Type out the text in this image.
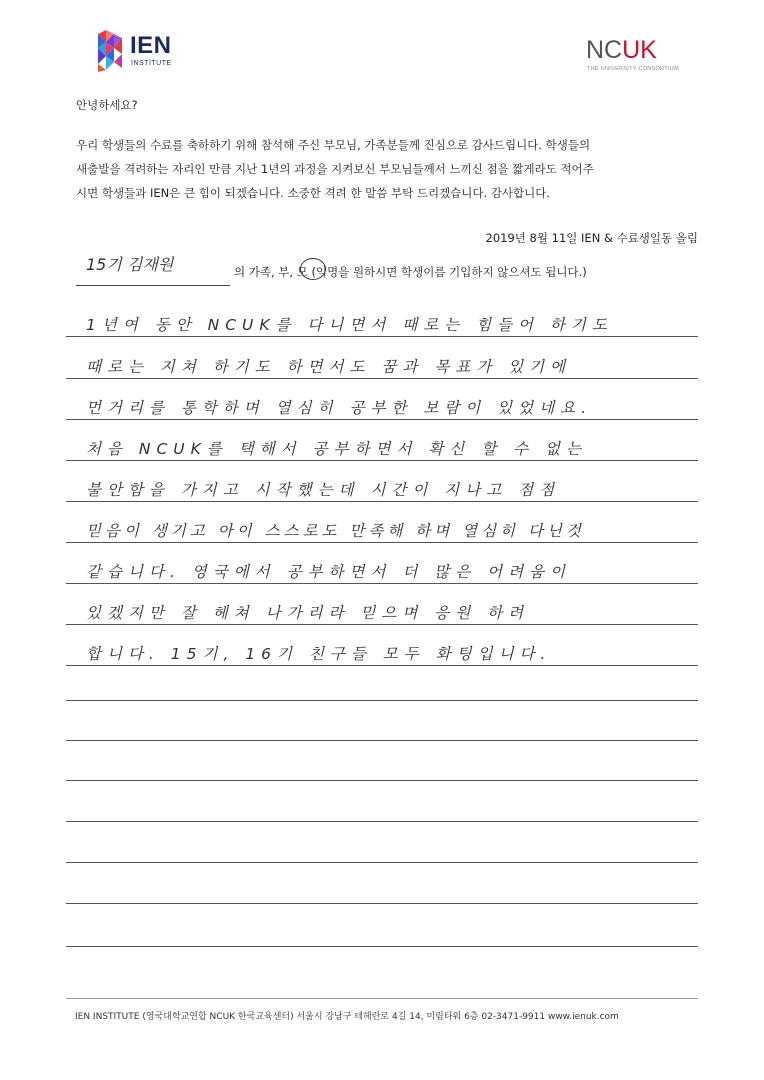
IEN
INSTITUTE	NCUK
THE UNIVERSITY CONSORTIUM
안녕하세요?
우리 학생들의 수료를 축하하기 위해 참석해 주신 부모님, 가족분들께 진심으로 감사드립니다. 학생들의
새출발을 격려하는 자리인 만큼 지난 1년의 과정을 지켜보신 부모님들께서 느끼신 점을 짧게라도 적어주
시면 학생들과 IEN은 큰 힘이 되겠습니다. 소중한 격려 한 말씀 부탁 드리겠습니다. 감사합니다.
2019년 8월 11일 IEN & 수료생일동 올림
15기 김재원	의 가족, 부, 모 (익명을 원하시면 학생이름 기입하지 않으셔도 됩니다.)
1년여 동안 NCUK를 다니면서 때로는 힘들어 하기도
때로는 지쳐 하기도 하면서도 꿈과 목표가 있기에
먼거리를 통학하며 열심히 공부한 보람이 있었네요.
처음 NCUK를 택해서 공부하면서 확신 할 수 없는
불안함을 가지고 시작했는데 시간이 지나고 점점
믿음이 생기고 아이 스스로도 만족해 하며 열심히 다닌것
같습니다. 영국에서 공부하면서 더 많은 어려움이
있겠지만 잘 헤쳐 나가리라 믿으며 응원 하려
합니다. 15기, 16기 친구들 모두 화팅입니다.
IEN INSTITUTE (영국대학교연합 NCUK 한국교육센터) 서울시 강남구 테헤란로 4길 14, 미림타워 6층 02-3471-9911 www.ienuk.com
